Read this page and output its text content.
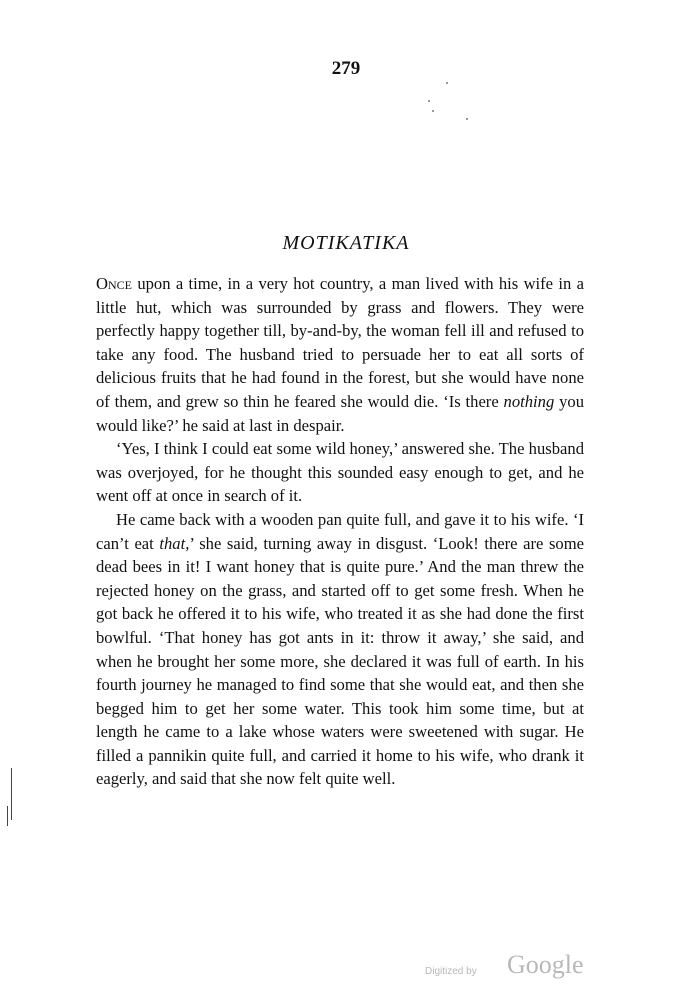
279
MOTIKATIKA

Once upon a time, in a very hot country, a man lived with his wife in a little hut, which was surrounded by grass and flowers. They were perfectly happy together till, by-and-by, the woman fell ill and refused to take any food. The husband tried to persuade her to eat all sorts of delicious fruits that he had found in the forest, but she would have none of them, and grew so thin he feared she would die. ‘Is there nothing you would like?’ he said at last in despair.

‘Yes, I think I could eat some wild honey,’ answered she. The husband was overjoyed, for he thought this sounded easy enough to get, and he went off at once in search of it.

He came back with a wooden pan quite full, and gave it to his wife. ‘I can’t eat that,’ she said, turning away in disgust. ‘Look! there are some dead bees in it! I want honey that is quite pure.’ And the man threw the rejected honey on the grass, and started off to get some fresh. When he got back he offered it to his wife, who treated it as she had done the first bowlful. ‘That honey has got ants in it: throw it away,’ she said, and when he brought her some more, she declared it was full of earth. In his fourth journey he managed to find some that she would eat, and then she begged him to get her some water. This took him some time, but at length he came to a lake whose waters were sweetened with sugar. He filled a pannikin quite full, and carried it home to his wife, who drank it eagerly, and said that she now felt quite well.

Digitized by Google
